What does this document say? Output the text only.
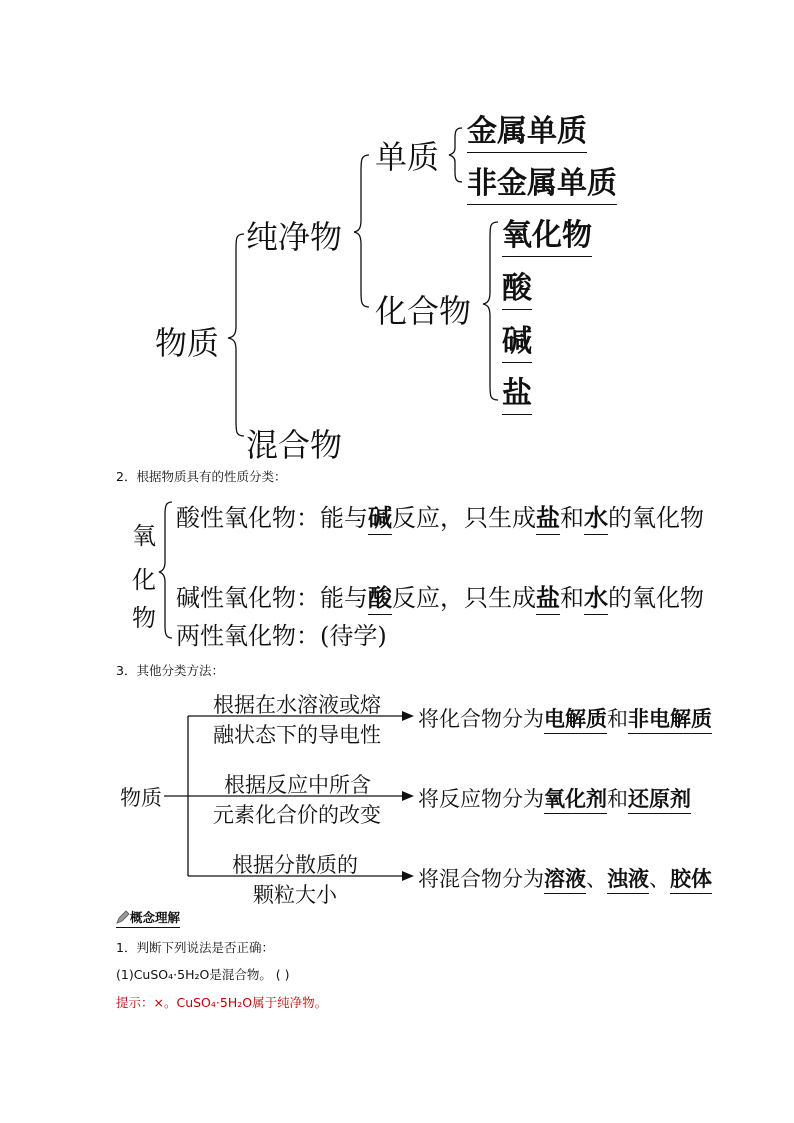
物质
纯净物
混合物
单质
化合物
金属单质
非金属单质
氧化物
酸
碱
盐
2．根据物质具有的性质分类：
氧
化
物
酸性氧化物：能与碱反应，只生成盐和水的氧化物
碱性氧化物：能与酸反应，只生成盐和水的氧化物
两性氧化物：(待学)
3．其他分类方法：
物质
根据在水溶液或熔
融状态下的导电性
将化合物分为电解质和非电解质
根据反应中所含
元素化合价的改变
将反应物分为氧化剂和还原剂
根据分散质的
颗粒大小
将混合物分为溶液、浊液、胶体
概念理解
1．判断下列说法是否正确：
(1)CuSO₄·5H₂O是混合物。 ( )
提示：×。CuSO₄·5H₂O属于纯净物。
